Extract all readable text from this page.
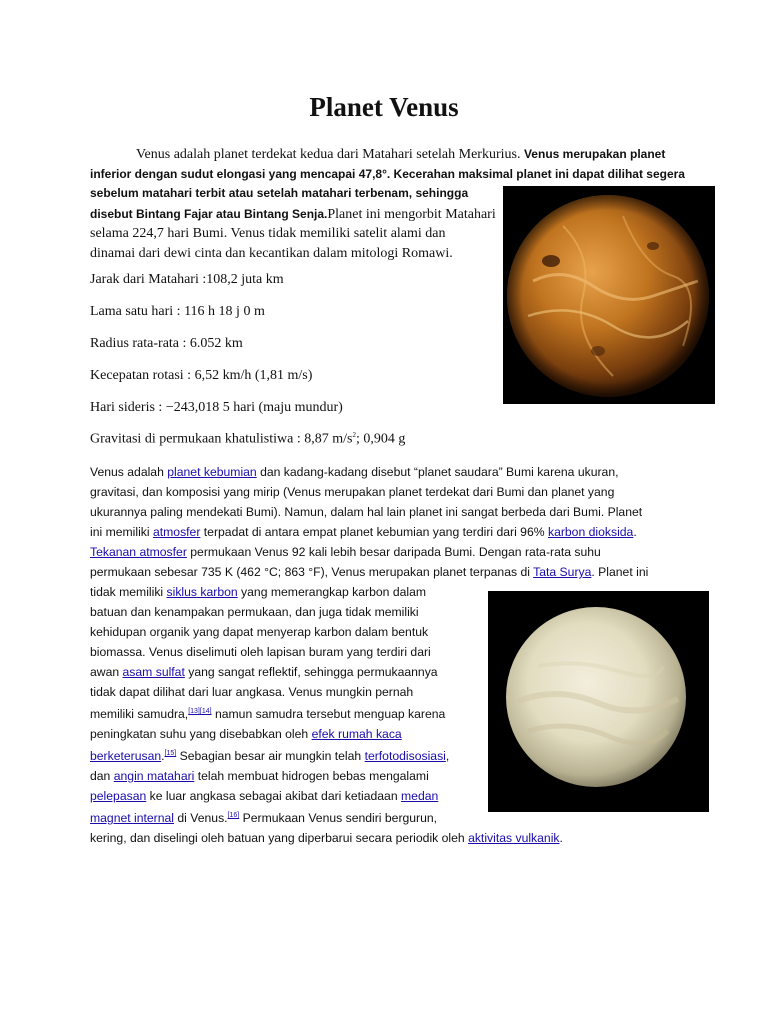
Planet Venus
Venus adalah planet terdekat kedua dari Matahari setelah Merkurius. Venus merupakan planet
inferior dengan sudut elongasi yang mencapai 47,8°. Kecerahan maksimal planet ini dapat dilihat segera
sebelum matahari terbit atau setelah matahari terbenam, sehingga
disebut Bintang Fajar atau Bintang Senja.Planet ini mengorbit Matahari
selama 224,7 hari Bumi. Venus tidak memiliki satelit alami dan
dinamai dari dewi cinta dan kecantikan dalam mitologi Romawi.
Jarak dari Matahari :108,2 juta km
Lama satu hari : 116 h 18 j 0 m
Radius rata-rata : 6.052 km
Kecepatan rotasi : 6,52 km/h (1,81 m/s)
Hari sideris : −243,018 5 hari (maju mundur)
Gravitasi di permukaan khatulistiwa : 8,87 $m/s^2$; 0,904 g
Venus adalah planet kebumian dan kadang-kadang disebut “planet saudara” Bumi karena ukuran,
gravitasi, dan komposisi yang mirip (Venus merupakan planet terdekat dari Bumi dan planet yang
ukurannya paling mendekati Bumi). Namun, dalam hal lain planet ini sangat berbeda dari Bumi. Planet
ini memiliki atmosfer terpadat di antara empat planet kebumian yang terdiri dari 96% karbon dioksida.
Tekanan atmosfer permukaan Venus 92 kali lebih besar daripada Bumi. Dengan rata-rata suhu
permukaan sebesar 735 K (462 °C; 863 °F), Venus merupakan planet terpanas di Tata Surya. Planet ini
tidak memiliki siklus karbon yang memerangkap karbon dalam
batuan dan kenampakan permukaan, dan juga tidak memiliki
kehidupan organik yang dapat menyerap karbon dalam bentuk
biomassa. Venus diselimuti oleh lapisan buram yang terdiri dari
awan asam sulfat yang sangat reflektif, sehingga permukaannya
tidak dapat dilihat dari luar angkasa. Venus mungkin pernah
memiliki samudra,[13][14] namun samudra tersebut menguap karena
peningkatan suhu yang disebabkan oleh efek rumah kaca
berketerusan.[15] Sebagian besar air mungkin telah terfotodisosiasi,
dan angin matahari telah membuat hidrogen bebas mengalami
pelepasan ke luar angkasa sebagai akibat dari ketiadaan medan
magnet internal di Venus.[16] Permukaan Venus sendiri bergurun,
kering, dan diselingi oleh batuan yang diperbarui secara periodik oleh aktivitas vulkanik.
